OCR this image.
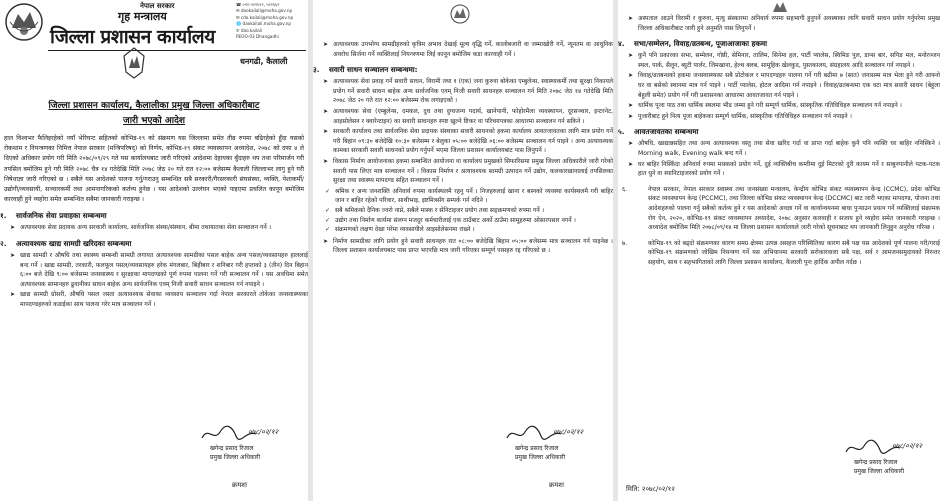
नेपाल सरकार
गृह मन्त्रालय
जिल्ला प्रशासन कार्यालय
☎ ०९१-५२१५२२, ५२२६६२
✉ daokailali@moha.gov.np
✉ cdo.kailali@moha.gov.np
🌐 daokailali.moha.gov.np
✆ dao.kailali
PEOO-03 Dhangadhi
धनगढी, कैलाली
जिल्ला प्रशासन कार्यालय, कैलालीका प्रमुख जिल्ला अधिकारीबाट
जारी भएको आदेश
हाल विश्वभर फैलिइरहेको नयाँ भेरियन्ट सहितको कोभिड-१९ को संक्रमण यस जिल्लामा समेत तीव्र रुपमा बढिरहेको हुँदा यसको रोकथाम र नियन्त्रणका निमित्त नेपाल सरकार (मन्त्रिपरिषद्) को निर्णय, कोभिड-१९ संकट व्यवस्थापन अध्यादेश, २०७८ को दफा ४ ले दिएको अधिकार प्रयोग गरी मिति २०७८/०९/२९ गते यस कार्यालयबाट जारी गरिएको आदेशमा देहायका बुँदाहरु थप तथा परिमार्जन गरी तपसिल बमोजिम हुने गरी मिति २०७८ चैत्र १४ गतेदेखि मिति २०७८ जेठ २० गते रात १२:०० बजेसम्म कैलाली जिल्लाभर लागु हुने गरी निषेधाज्ञा जारी गरिएको छ । सबैले यस आदेशको पालना गर्नु/गराउनु सम्बन्धित सबै सरकारी/गैरसरकारी संघसंस्था, व्यक्ति, पेशाकर्मी/उद्योगी/व्यवसायी, सञ्चारकर्मी तथा आमनागरिकको कर्तव्य हुनेछ । यस आदेशको उल्लंघन भएको पाइएमा प्रचलित कानून बमोजिम कारवाही हुने व्यहोरा समेत सम्बन्धित सबैमा जानकारी गराइन्छ ।
१. सार्वजनिक सेवा प्रवाहका सम्बन्धमा
➤ अत्यावश्यक सेवा प्रदायक अन्य सरकारी कार्यालय, सार्वजनिक संस्था/संस्थान, बीमा तथायातका सेवा सञ्चालन गर्ने ।
२. अत्यावश्यक खाद्य सामग्री खरिदका सम्बन्धमा
➤ खाद्य सामग्री र औषधि तथा स्वास्थ्य सम्बन्धी सामग्री लगायत अत्यावश्यक सामग्रीका पसल बाहेक अन्य पसल/व्यवसायहरु हाललाई बन्द गर्ने । खाद्य सामग्री, तरकारी, फलफूल पसल/व्यवसायहरु हरेक मंगलबार, बिहीबार र शनिबार गरी हप्ताको ३ (तीन) दिन बिहान ६:०० बजे देखि ९:०० बजेसम्म जनस्वास्थ्य र सुरक्षाका मापदण्डको पूर्ण रुपमा पालना गर्ने गरी सञ्चालन गर्ने । यस अवधिमा समेत अत्यावश्यक सामानहरु ढुवानीका साधन बाहेक अन्य सार्वजनिक एवम् निजी सवारी साधन सञ्चालन गर्न नपाइने ।
➤ खाद्य सामग्री ग्रोसरी, औषधि पसल जस्ता अत्यावश्यक सेवाका व्यवसाय सञ्चालन गर्दा नेपाल सरकारले तोकेका जनस्वास्थ्यका मापदण्डहरुको कडाईका साथ पालना गरेर मात्र सञ्चालन गर्ने ।
०७८/०२/१२
खगेन्द्र प्रसाद रिजाल
प्रमुख जिल्ला अधिकारी
क्रमशः
➤ अत्यावश्यक उपभोग्य सामग्रीहरुको कृत्रिम अभाव देखाई मूल्य वृद्धि गर्ने, कालोबजारी वा जम्माखोरी गर्ने, न्यूनतम वा आधुनिक अवरोध सिर्जना गर्ने व्यक्तिलाई नियन्त्रणमा लिई कानून बमोजिम कडा कारवाही गर्ने ।
३. सवारी साधन सञ्चालन सम्बन्धमा:
➤ अत्यावश्यक सेवा प्रवाह गर्ने सवारी साधन, विरामी तथा १ (एक) जना कुरुवा बोकेका एम्बुलेन्स, स्वास्थ्यकर्मी तथा सुरक्षा निकायले प्रयोग गर्ने सवारी साधन बाहेक अन्य सार्वजनिक एवम् निजी सवारी साधनहरु सञ्चालन गर्न मिति २०७८ जेठ १४ गतेदेखि मिति २०७८ जेठ २० गते रात १२:०० बजेसम्म रोक लगाइएको ।
➤ अत्यावश्यक सेवा (एम्बुलेन्स, दमकल, दुध तथा दुग्धजन्य पदार्थ, खानेपानी, फोहोरमैला व्यवस्थापन, दूरसञ्चार, इन्टरनेट, आइसोलेसन र क्वारेन्टाइन) का सवारी साधनहरु स्पष्ट खुल्ने ष्टिकर वा परिचयपत्रका आधारमा सञ्चालन गर्न सकिने ।
➤ सरकारी कार्यालय तथा सार्वजनिक सेवा प्रदायक संस्थाका सवारी साधनको हकमा कार्यालय आवतजावतका लागि मात्र प्रयोग गर्ने गरी बिहान ०९:३० बजेदेखि १०:३० बजेसम्म र बेलुका ०५:०० बजेदेखि ०६:०० बजेसम्म सञ्चालन गर्न पाइने । अन्य अत्यावश्यक कामका सरकारी सवारी साधनको प्रयोग गर्नुपर्ने भएमा जिल्ला प्रशासन कार्यालयबाट पास लिनुपर्ने ।
➤ विकास निर्माण आयोजनाका हकमा सम्बन्धित आयोजना वा कार्यालय प्रमुखको सिफारिसमा प्रमुख जिल्ला अधिकारीले जारी गरेको सवारी पास लिएर मात्र सञ्चालन गर्ने । विकास निर्माण र अत्यावश्यक सामग्री उत्पादन गर्ने उद्योग, कलकारखानालाई तपसिलका सुरक्षा तथा स्वास्थ्य मापदण्ड सहित सञ्चालन गर्ने ।
✓ श्रमिक र अन्य जनशक्ति अनिवार्य रुपमा कार्यस्थलमै रहनु पर्ने । निजहरुलाई खाना र बस्नको व्यवस्था कार्यस्थलमै गरी बाहिर जान र बाहिर रहेको परिवार, साथीभाइ, इष्टमित्रसँग सम्पर्क गर्न नदिने ।
✓ सबै श्रमिकको दैनिक ज्वरो नाप्ने, सबैले मास्क र सेनिटाइजर प्रयोग तथा सङ्क्रमणको रुपमा गर्ने ।
✓ उद्योग तथा निर्माण कार्यमा संलग्न मजदुर कर्मचारीलाई एक ठाउँबाट अर्को ठाउँमा सामूहरुमा ओसारपसार नगर्ने ।
✓ संक्रमणको लक्षण देखा परेमा व्यवसायीले आइसोलेसनमा राख्ने ।
➤ निर्माण सामग्रीका लागि प्रयोग हुने सवारी साधनहरु रात ०८:०० बजेदेखि बिहान ०५:०० बजेसम्म मात्र सञ्चालन गर्न पाइनेछ । जिल्ला प्रशासन कार्यालयबाट पास प्राप्त भएपछि मात्र जारी गरिएका सम्पूर्ण पासहरु रद्द गरिएको छ ।
०७८/०२/१२
खगेन्द्र प्रसाद रिजाल
प्रमुख जिल्ला अधिकारी
क्रमशः
➤ अस्पताल आउने विरामी र कुरुवा, मृत्यु संस्कारमा अनिवार्य रुपमा सहभागी हुनुपर्ने अवस्थाका लागि सवारी साधन प्रयोग गर्नुपरेमा प्रमुख जिल्ला अधिकारीबाट जारी हुने अनुमति पास लिनुपर्ने ।
४. सभा/सम्मेलन, विवाह/व्रतबन्ध, पूजाआजाका हकमा
➤ कुनै पनि प्रकारका सभा, सम्मेलन, गोष्ठी, सेमिनार, तालिम, सिनेमा हल, पार्टी प्यालेस, स्विमिङ पुल, डान्स बार, सपिङ मल, मनोरञ्जन स्थल, पार्क, सैलून, ब्युटी पार्लर, जिमखाना, हेल्थ क्लब, सामूहिक खेलकुद, पुस्तकालय, संग्रहालय आदि सञ्चालन गर्न नपाइने ।
➤ विवाह/व्रतबन्धको हकमा जनस्वास्थ्यका सबै प्रोटोकल र मापदण्डहरु पालना गर्ने गरी बढीमा ७ (सात) जनासम्म मात्र भेला हुने गरी आफ्नो घर वा बसेको स्थानमा मात्र गर्न पाइने । पार्टी प्यालेस, होटल आदिमा गर्न नपाइने । विवाह/व्रतबन्धमा एक वटा मात्र सवारी साधन (बेहुला बेहुली समेत) प्रयोग गर्ने गरी प्रशासनका आधारमा आवतजावत गर्न पाइने ।
➤ धार्मिक पूजा पाठ तथा धार्मिक स्थलमा भीड जम्मा हुने गरी सम्पूर्ण धार्मिक, सांस्कृतिक गतिविधिहरु सञ्चालन गर्न नपाइने ।
➤ पुजारीबाट हुने नित्य पूजा बाहेकका सम्पूर्ण धार्मिक, सांस्कृतिक गतिविधिहरु सञ्चालन गर्न नपाइने ।
५. आवतजावतका सम्बन्धमा
➤ औषधि, खाद्यान्नसहित तथा अन्य अत्यावश्यक वस्तु तथा सेवा खरिद गर्दा वा प्राप्त गर्दा बाहेक कुनै पनि व्यक्ति घर बाहिर ननिस्किने । Morning walk, Evening walk बन्द गर्ने ।
➤ घर बाहिर निस्किँदा अनिवार्य रुपमा मास्कको प्रयोग गर्ने, दुई व्यक्तिबीच कम्तीमा दुई मिटरको दुरी कायम गर्ने र साबुनपानीले पटक-पटक हात धुने वा स्यानिटाइजरको प्रयोग गर्ने ।
६.	नेपाल सरकार, नेपाल सरकार स्वास्थ्य तथा जनसंख्या मन्त्रालय, केन्द्रीय कोभिड संकट व्यवस्थापन केन्द्र (CCMC), प्रदेश कोभिड संकट व्यवस्थापन केन्द्र (PCCMC), तथा जिल्ला कोभिड संकट व्यवस्थापन केन्द्र (DCCMC) बाट जारी भएका मापदण्ड, योजना तथा आदेशहरुको पालना गर्नु सबैको कर्तव्य हुने र यस आदेशको अवज्ञा गर्ने वा कार्यान्वयनमा बाधा पुऱ्याउन प्रयत्न गर्ने व्यक्तिलाई संक्रामक रोग ऐन, २०२०, कोभिड-१९ संकट व्यवस्थापन अध्यादेश, २०७८ अनुसार कारवाही र सजाय हुने व्यहोरा समेत जानकारी गराइन्छ । अध्यादेश बमोजिम मिति २०७८/०९/१४ मा जिल्ला प्रशासन कार्यालयले जारी गरेको सूचनाबाट थप जानकारी लिनुहुन अनुरोध गरिन्छ ।
७.	कोभिड-१९ को बढ्दो संक्रमणका कारण समग्र क्षेत्रमा उत्पन्न असहज परिस्थितिका कारण सबै पक्ष यस आदेशको पूर्ण पालना गरी/गराई कोभिड-१९ संक्रमणको जोखिम नियन्त्रण गर्ने यस अभियानमा सरकारी सरोकारवाला सबै पक्ष, सर्व र आमजनसमुदायको निरन्तर सहयोग, साथ र सहभागिताको लागि जिल्ला प्रशासन कार्यालय, कैलाली पुनः हार्दिक अपील गर्दछ ।
मिति: २०७८/०२/१२
०७८/०२/१२
खगेन्द्र प्रसाद रिजाल
प्रमुख जिल्ला अधिकारी
